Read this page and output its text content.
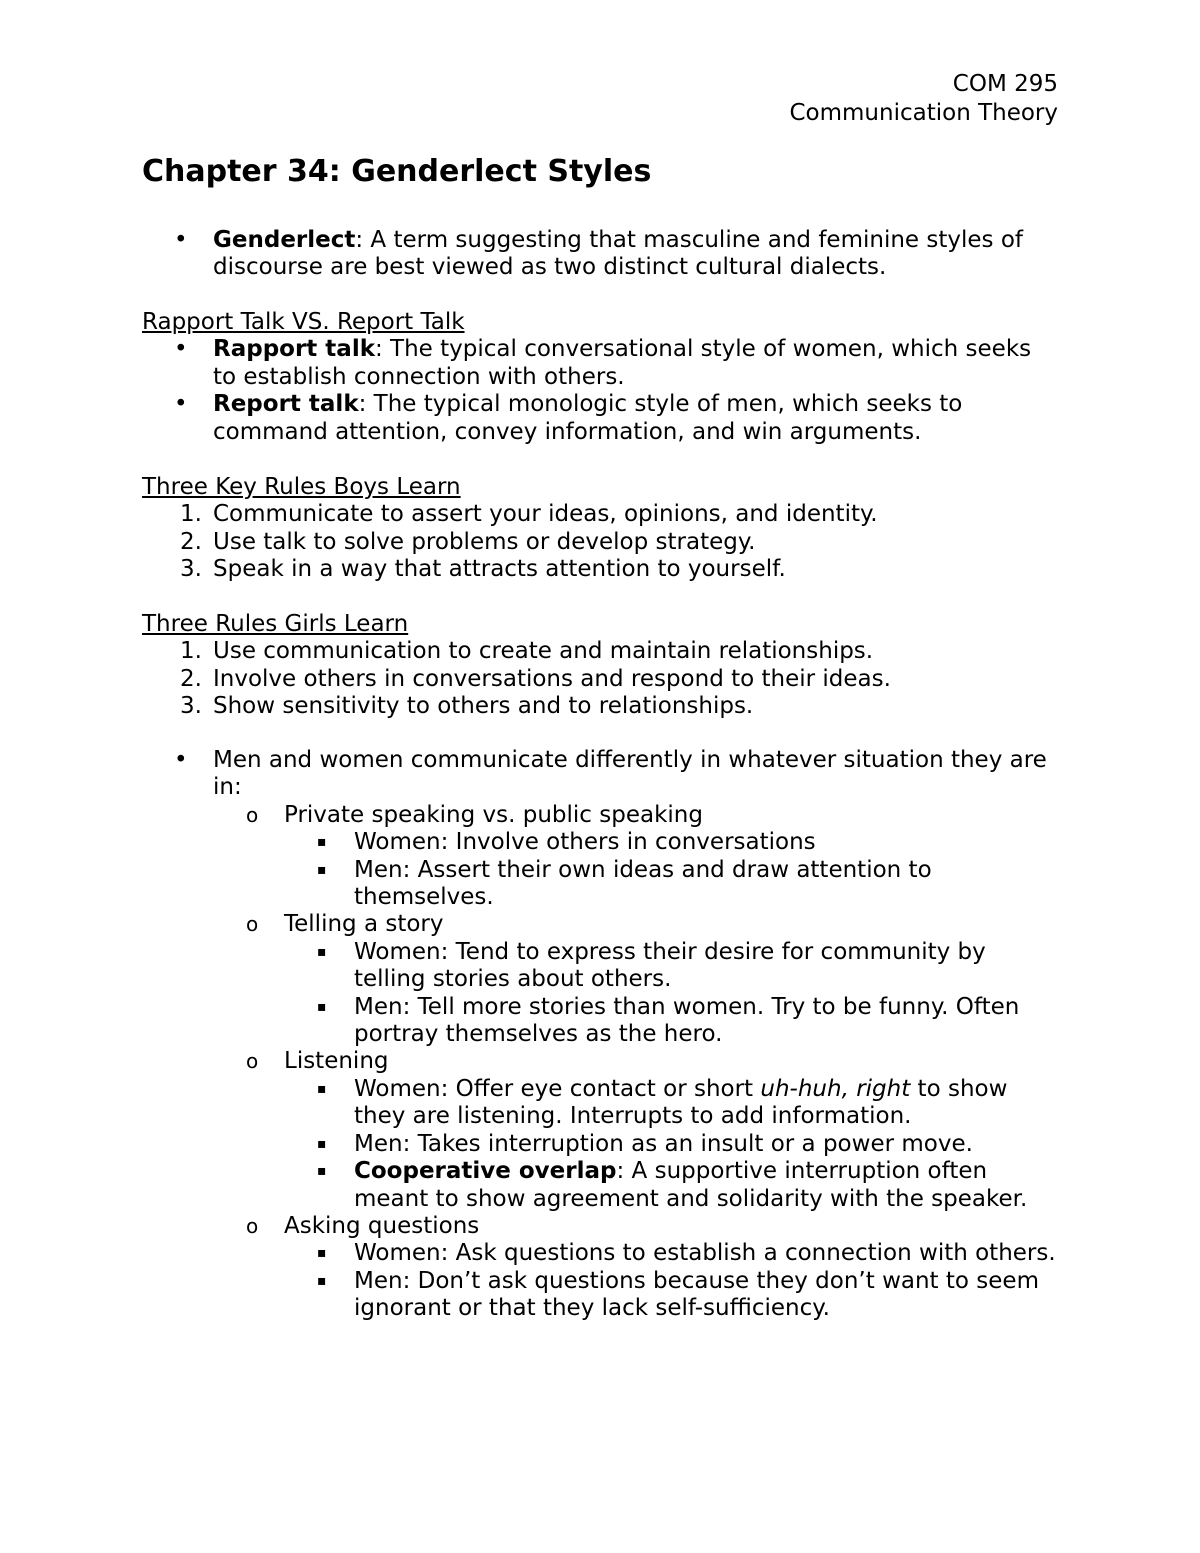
COM 295
Communication Theory
Chapter 34: Genderlect Styles
• Genderlect: A term suggesting that masculine and feminine styles of discourse are best viewed as two distinct cultural dialects.
Rapport Talk VS. Report Talk
• Rapport talk: The typical conversational style of women, which seeks to establish connection with others.
• Report talk: The typical monologic style of men, which seeks to command attention, convey information, and win arguments.
Three Key Rules Boys Learn
1. Communicate to assert your ideas, opinions, and identity.
2. Use talk to solve problems or develop strategy.
3. Speak in a way that attracts attention to yourself.
Three Rules Girls Learn
1. Use communication to create and maintain relationships.
2. Involve others in conversations and respond to their ideas.
3. Show sensitivity to others and to relationships.
• Men and women communicate differently in whatever situation they are in:
o Private speaking vs. public speaking
▪ Women: Involve others in conversations
▪ Men: Assert their own ideas and draw attention to themselves.
o Telling a story
▪ Women: Tend to express their desire for community by telling stories about others.
▪ Men: Tell more stories than women. Try to be funny. Often portray themselves as the hero.
o Listening
▪ Women: Offer eye contact or short uh-huh, right to show they are listening. Interrupts to add information.
▪ Men: Takes interruption as an insult or a power move.
▪ Cooperative overlap: A supportive interruption often meant to show agreement and solidarity with the speaker.
o Asking questions
▪ Women: Ask questions to establish a connection with others.
▪ Men: Don’t ask questions because they don’t want to seem ignorant or that they lack self-sufficiency.
